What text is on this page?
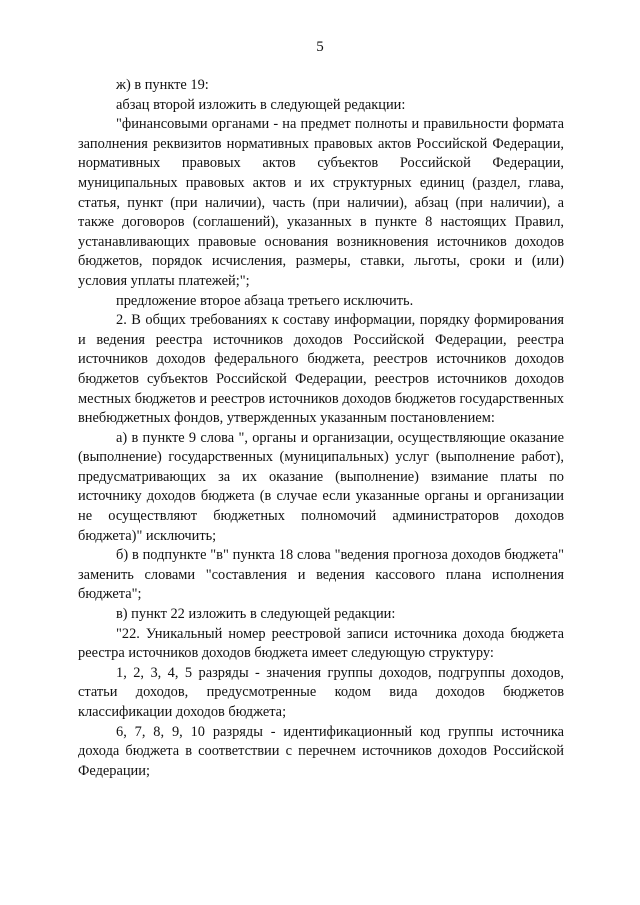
5

ж) в пункте 19:

абзац второй изложить в следующей редакции:

"финансовыми органами - на предмет полноты и правильности формата заполнения реквизитов нормативных правовых актов Российской Федерации, нормативных правовых актов субъектов Российской Федерации, муниципальных правовых актов и их структурных единиц (раздел, глава, статья, пункт (при наличии), часть (при наличии), абзац (при наличии), а также договоров (соглашений), указанных в пункте 8 настоящих Правил, устанавливающих правовые основания возникновения источников доходов бюджетов, порядок исчисления, размеры, ставки, льготы, сроки и (или) условия уплаты платежей;";

предложение второе абзаца третьего исключить.

2. В общих требованиях к составу информации, порядку формирования и ведения реестра источников доходов Российской Федерации, реестра источников доходов федерального бюджета, реестров источников доходов бюджетов субъектов Российской Федерации, реестров источников доходов местных бюджетов и реестров источников доходов бюджетов государственных внебюджетных фондов, утвержденных указанным постановлением:

а) в пункте 9 слова ", органы и организации, осуществляющие оказание (выполнение) государственных (муниципальных) услуг (выполнение работ), предусматривающих за их оказание (выполнение) взимание платы по источнику доходов бюджета (в случае если указанные органы и организации не осуществляют бюджетных полномочий администраторов доходов бюджета)" исключить;

б) в подпункте "в" пункта 18 слова "ведения прогноза доходов бюджета" заменить словами "составления и ведения кассового плана исполнения бюджета";

в) пункт 22 изложить в следующей редакции:

"22. Уникальный номер реестровой записи источника дохода бюджета реестра источников доходов бюджета имеет следующую структуру:

1, 2, 3, 4, 5 разряды - значения группы доходов, подгруппы доходов, статьи доходов, предусмотренные кодом вида доходов бюджетов классификации доходов бюджета;

6, 7, 8, 9, 10 разряды - идентификационный код группы источника дохода бюджета в соответствии с перечнем источников доходов Российской Федерации;
